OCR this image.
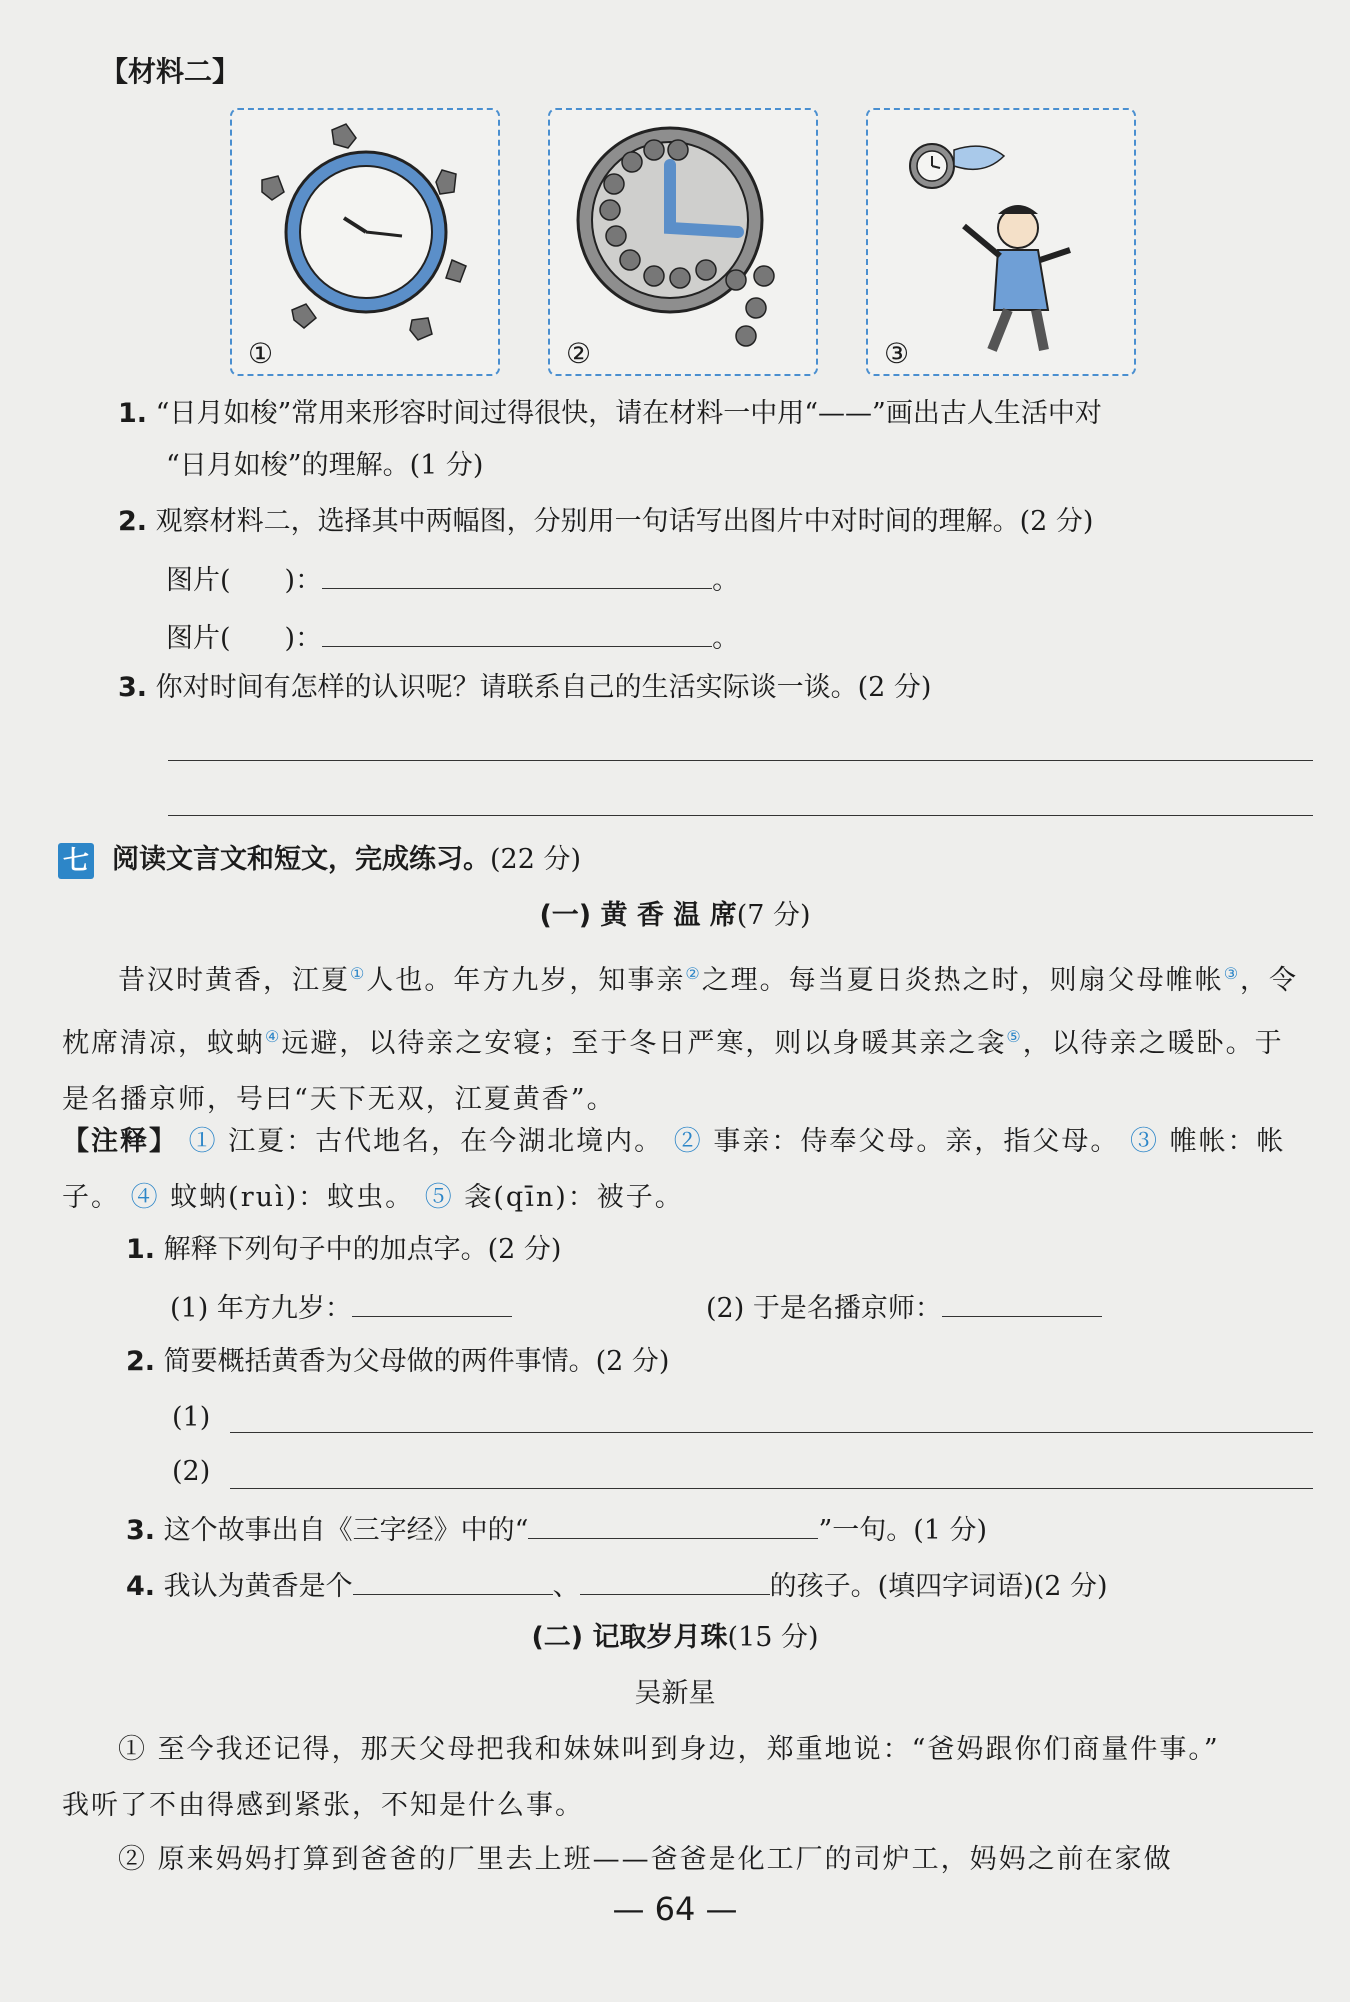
【材料二】
①	②	③
1. “日月如梭”常用来形容时间过得很快，请在材料一中用“——”画出古人生活中对
“日月如梭”的理解。(1 分)
2. 观察材料二，选择其中两幅图，分别用一句话写出图片中对时间的理解。(2 分)
图片(　　)：	。
图片(　　)：	。
3. 你对时间有怎样的认识呢？请联系自己的生活实际谈一谈。(2 分)
七 阅读文言文和短文，完成练习。(22 分)
(一) 黄 香 温 席(7 分)
昔汉时黄香，江夏①人也。年方九岁，知事亲②之理。每当夏日炎热之时，则扇父母帷帐③，令枕席清凉，蚊蚋④远避，以待亲之安寝；至于冬日严寒，则以身暖其亲之衾⑤，以待亲之暖卧。于是名播京师，号曰“天下无双，江夏黄香”。
【注释】 ① 江夏：古代地名，在今湖北境内。 ② 事亲：侍奉父母。亲，指父母。 ③ 帷帐：帐子。 ④ 蚊蚋(ruì)：蚊虫。 ⑤ 衾(qīn)：被子。
1. 解释下列句子中的加点字。(2 分)
(1) 年方九岁：	(2) 于是名播京师：
2. 简要概括黄香为父母做的两件事情。(2 分)
(1)
(2)
3. 这个故事出自《三字经》中的“	”一句。(1 分)
4. 我认为黄香是个	、	的孩子。(填四字词语)(2 分)
(二) 记取岁月珠(15 分)
吴新星
① 至今我还记得，那天父母把我和妹妹叫到身边，郑重地说：“爸妈跟你们商量件事。”
我听了不由得感到紧张，不知是什么事。
② 原来妈妈打算到爸爸的厂里去上班——爸爸是化工厂的司炉工，妈妈之前在家做
— 64 —
